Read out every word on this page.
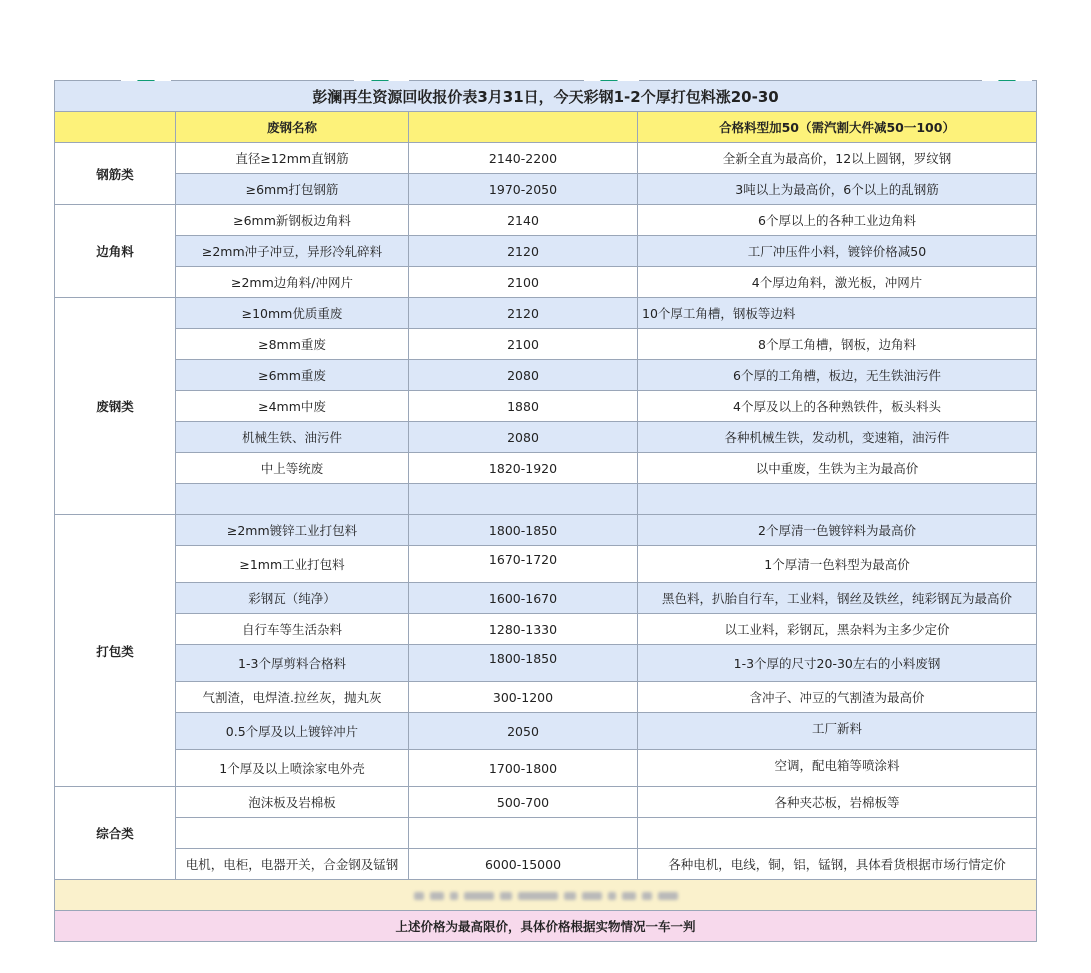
彭澜再生资源回收报价表3月31日，今天彩钢1-2个厚打包料涨20-30			
	废钢名称		合格料型加50（需汽割大件减50一100）
钢筋类	直径≥12mm直钢筋	2140-2200	全新全直为最高价，12以上圆钢，罗纹钢
	≥6mm打包钢筋	1970-2050	3吨以上为最高价，6个以上的乱钢筋
边角料	≥6mm新钢板边角料	2140	6个厚以上的各种工业边角料
	≥2mm冲子冲豆，异形冷轧碎料	2120	工厂冲压件小料，镀锌价格减50
	≥2mm边角料/冲网片	2100	4个厚边角料，激光板，冲网片
废钢类	≥10mm优质重废	2120	10个厚工角槽，钢板等边料
	≥8mm重废	2100	8个厚工角槽，钢板，边角料
	≥6mm重废	2080	6个厚的工角槽，板边，无生铁油污件
	≥4mm中废	1880	4个厚及以上的各种熟铁件，板头料头
	机械生铁、油污件	2080	各种机械生铁，发动机，变速箱，油污件
	中上等统废	1820-1920	以中重废，生铁为主为最高价

打包类	≥2mm镀锌工业打包料	1800-1850	2个厚清一色镀锌料为最高价
	≥1mm工业打包料	1670-1720	1个厚清一色料型为最高价
	彩钢瓦（纯净）	1600-1670	黑色料，扒胎自行车，工业料，钢丝及铁丝，纯彩钢瓦为最高价
	自行车等生活杂料	1280-1330	以工业料，彩钢瓦，黑杂料为主多少定价
	1-3个厚剪料合格料	1800-1850	1-3个厚的尺寸20-30左右的小料废钢
	气割渣，电焊渣.拉丝灰，抛丸灰	300-1200	含冲子、冲豆的气割渣为最高价
	0.5个厚及以上镀锌冲片	2050	工厂新料
	1个厚及以上喷涂家电外壳	1700-1800	空调，配电箱等喷涂料
综合类	泡沫板及岩棉板	500-700	各种夹芯板，岩棉板等

	电机，电柜，电器开关，合金钢及锰钢	6000-15000	各种电机，电线，铜，铝，锰钢，具体看货根据市场行情定价

上述价格为最高限价，具体价格根据实物情况一车一判			
